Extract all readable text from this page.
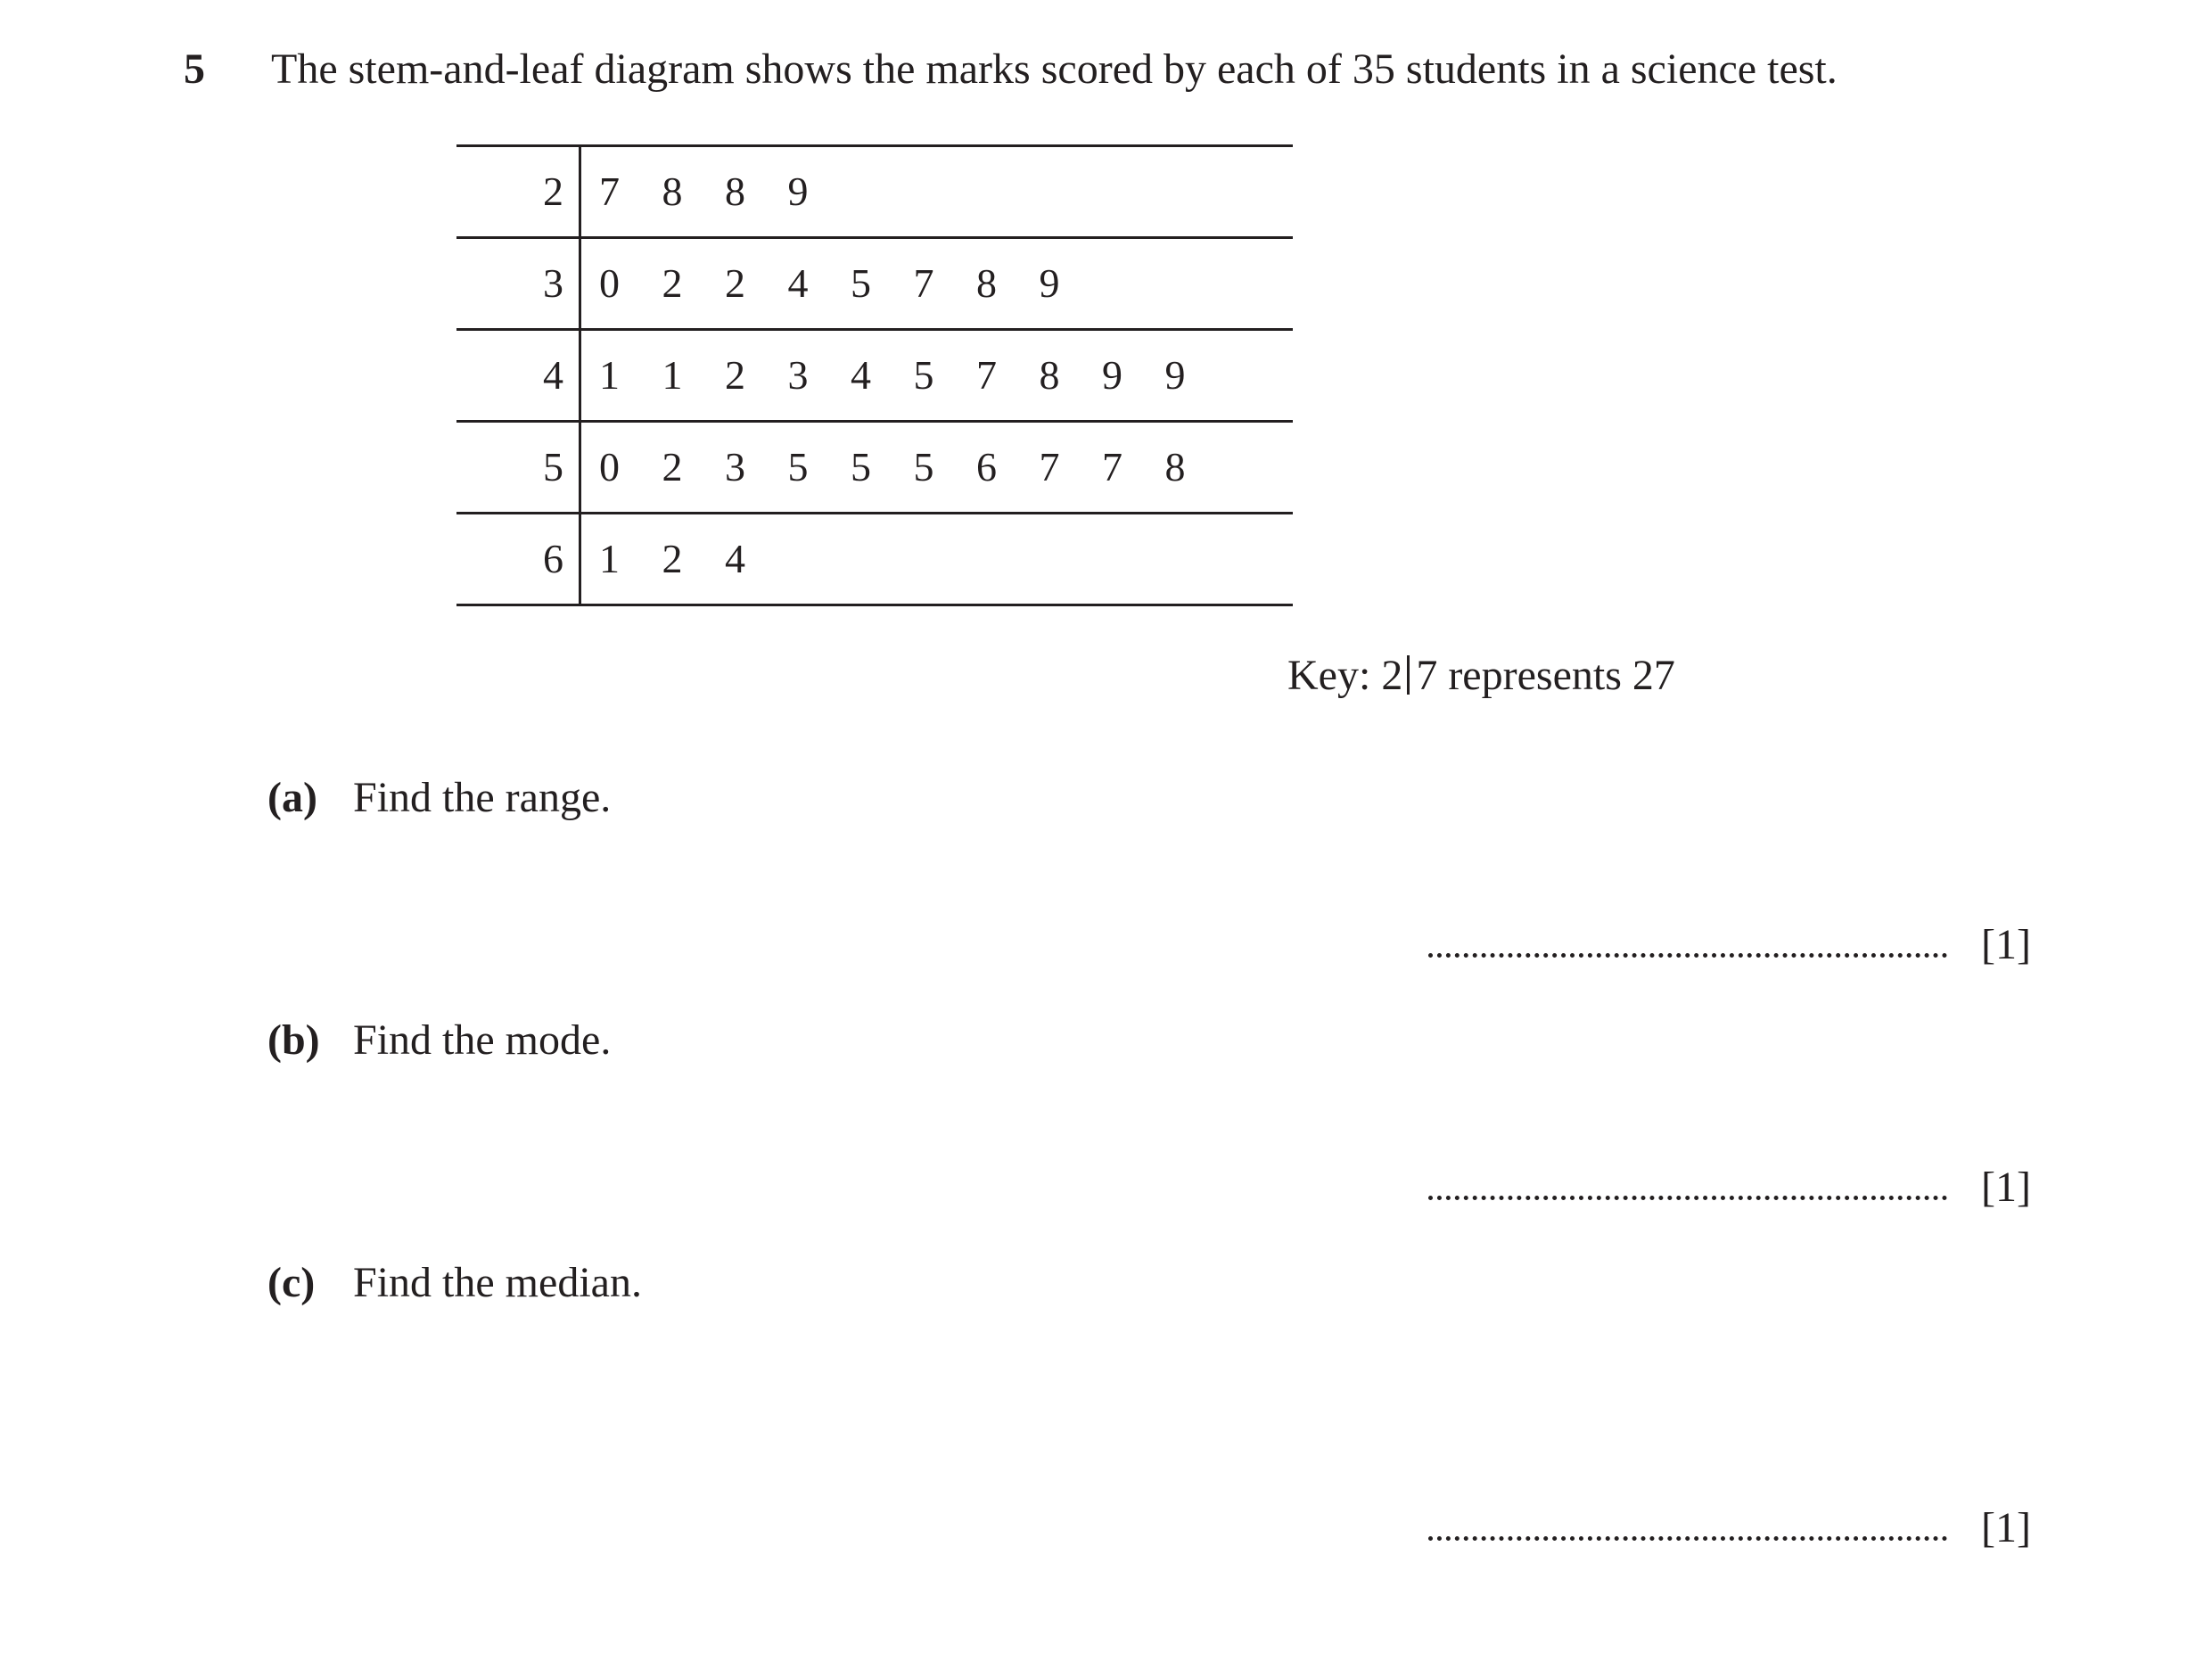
5 The stem-and-leaf diagram shows the marks scored by each of 35 students in a science test.
2 7	8	8	9
3 0	2	2	4	5	7	8	9
4 1	1	2	3	4	5	7	8	9	9
5 0	2	3	5	5	5	6	7	7	8
6 1	2	4
Key: 2 7 represents 27
(a) Find the range.
[1]
(b) Find the mode.
[1]
(c) Find the median.
[1]
